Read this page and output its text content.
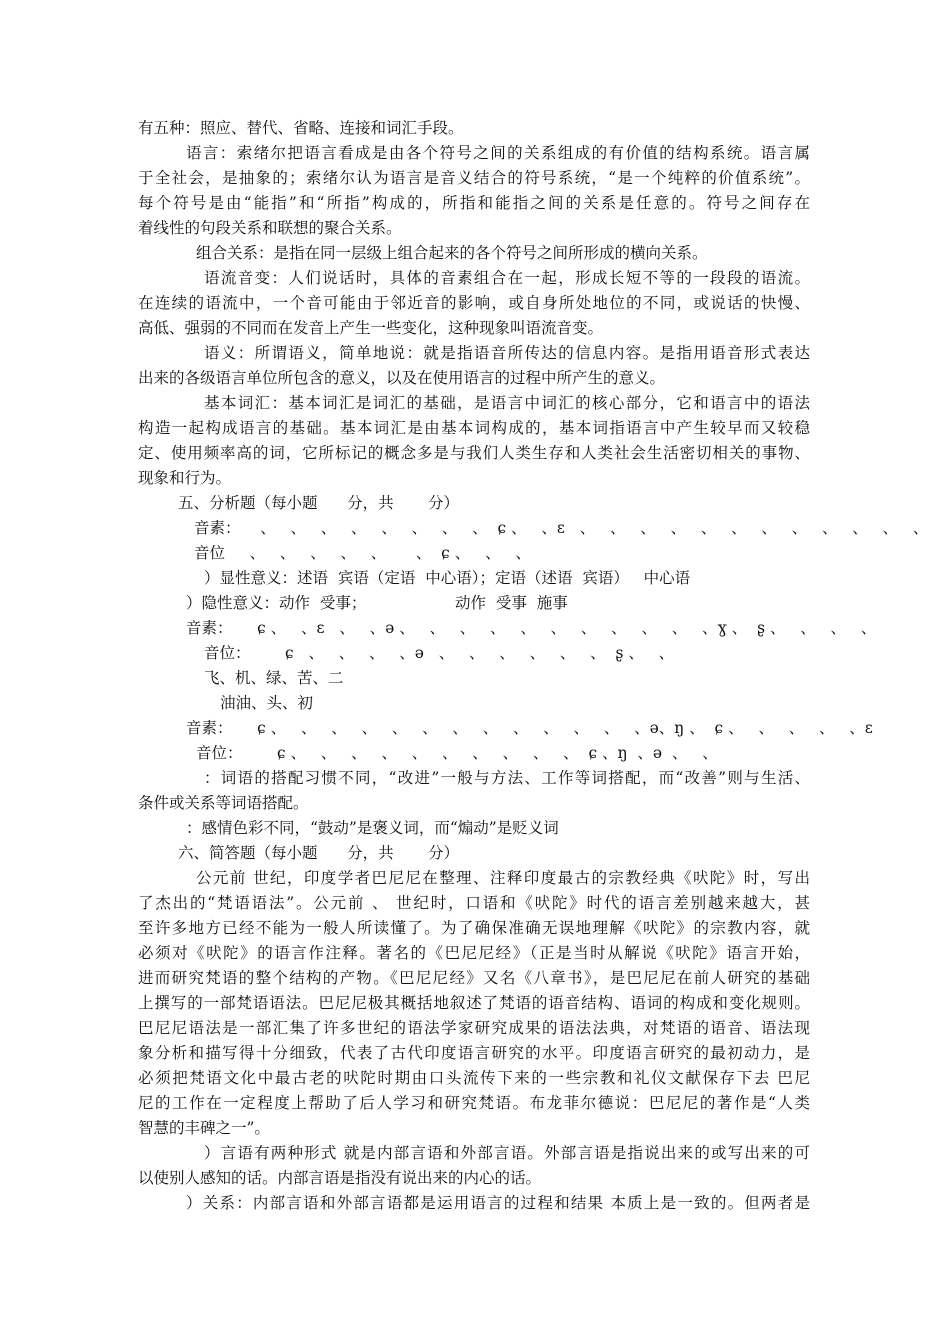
有五种：照应、替代、省略、连接和词汇手段。
语言：索绪尔把语言看成是由各个符号之间的关系组成的有价值的结构系统。语言属
于全社会，是抽象的；索绪尔认为语言是音义结合的符号系统，“是一个纯粹的价值系统”。
每个符号是由“能指”和“所指”构成的，所指和能指之间的关系是任意的。符号之间存在
着线性的句段关系和联想的聚合关系。
组合关系：是指在同一层级上组合起来的各个符号之间所形成的横向关系。
语流音变：人们说话时，具体的音素组合在一起，形成长短不等的一段段的语流。
在连续的语流中，一个音可能由于邻近音的影响，或自身所处地位的不同，或说话的快慢、
高低、强弱的不同而在发音上产生一些变化，这种现象叫语流音变。
语义：所谓语义，简单地说：就是指语音所传达的信息内容。是指用语音形式表达
出来的各级语言单位所包含的意义，以及在使用语言的过程中所产生的意义。
基本词汇：基本词汇是词汇的基础，是语言中词汇的核心部分，它和语言中的语法
构造一起构成语言的基础。基本词汇是由基本词构成的，基本词指语言中产生较早而又较稳
定、使用频率高的词，它所标记的概念多是与我们人类生存和人类社会生活密切相关的事物、
现象和行为。
五、分析题（每小题      分，共       分）
音素：    、   、   、   、   、   、   、   、  ɕ 、   、ɛ   、   、   、   、   、   、   、   、   、   、   、   、
音位     、   、   、   、   、      、  ɕ 、   、   、
）显性意义：述语  宾语（定语  中心语）；定语（述语  宾语）   中心语
）隐性意义：动作  受事；                  动作  受事  施事
音素：     ɕ 、   、ɛ   、   、ə 、   、   、   、   、   、   、   、   、   、   、ɣ 、  ʂ 、   、   、   、
音位：       ɕ   、   、   、   、ə   、   、   、   、   、   、  ʂ 、   、
飞、机、绿、苦、二
油油、头、初
音素：     ɕ 、   、   、   、   、   、   、   、   、   、   、   、   、ə、ŋ 、  ɕ 、   、   、   、   、ɛ
音位：       ɕ 、   、   、   、   、   、   、   、   、   、  ɕ 、ŋ  、ə  、   、
：词语的搭配习惯不同，“改进”一般与方法、工作等词搭配，而“改善”则与生活、
条件或关系等词语搭配。
：感情色彩不同，“鼓动”是褒义词，而“煽动”是贬义词
六、简答题（每小题      分，共       分）
公元前 世纪，印度学者巴尼尼在整理、注释印度最古的宗教经典《吠陀》时，写出
了杰出的“梵语语法”。公元前 、 世纪时，口语和《吠陀》时代的语言差别越来越大，甚
至许多地方已经不能为一般人所读懂了。为了确保准确无误地理解《吠陀》的宗教内容，就
必须对《吠陀》的语言作注释。著名的《巴尼尼经》（正是当时从解说《吠陀》语言开始，
进而研究梵语的整个结构的产物。《巴尼尼经》又名《八章书》，是巴尼尼在前人研究的基础
上撰写的一部梵语语法。巴尼尼极其概括地叙述了梵语的语音结构、语词的构成和变化规则。
巴尼尼语法是一部汇集了许多世纪的语法学家研究成果的语法法典，对梵语的语音、语法现
象分析和描写得十分细致，代表了古代印度语言研究的水平。印度语言研究的最初动力，是
必须把梵语文化中最古老的吠陀时期由口头流传下来的一些宗教和礼仪文献保存下去 巴尼
尼的工作在一定程度上帮助了后人学习和研究梵语。布龙菲尔德说：巴尼尼的著作是“人类
智慧的丰碑之一”。
）言语有两种形式 就是内部言语和外部言语。外部言语是指说出来的或写出来的可
以使别人感知的话。内部言语是指没有说出来的内心的话。
）关系：内部言语和外部言语都是运用语言的过程和结果 本质上是一致的。但两者是
